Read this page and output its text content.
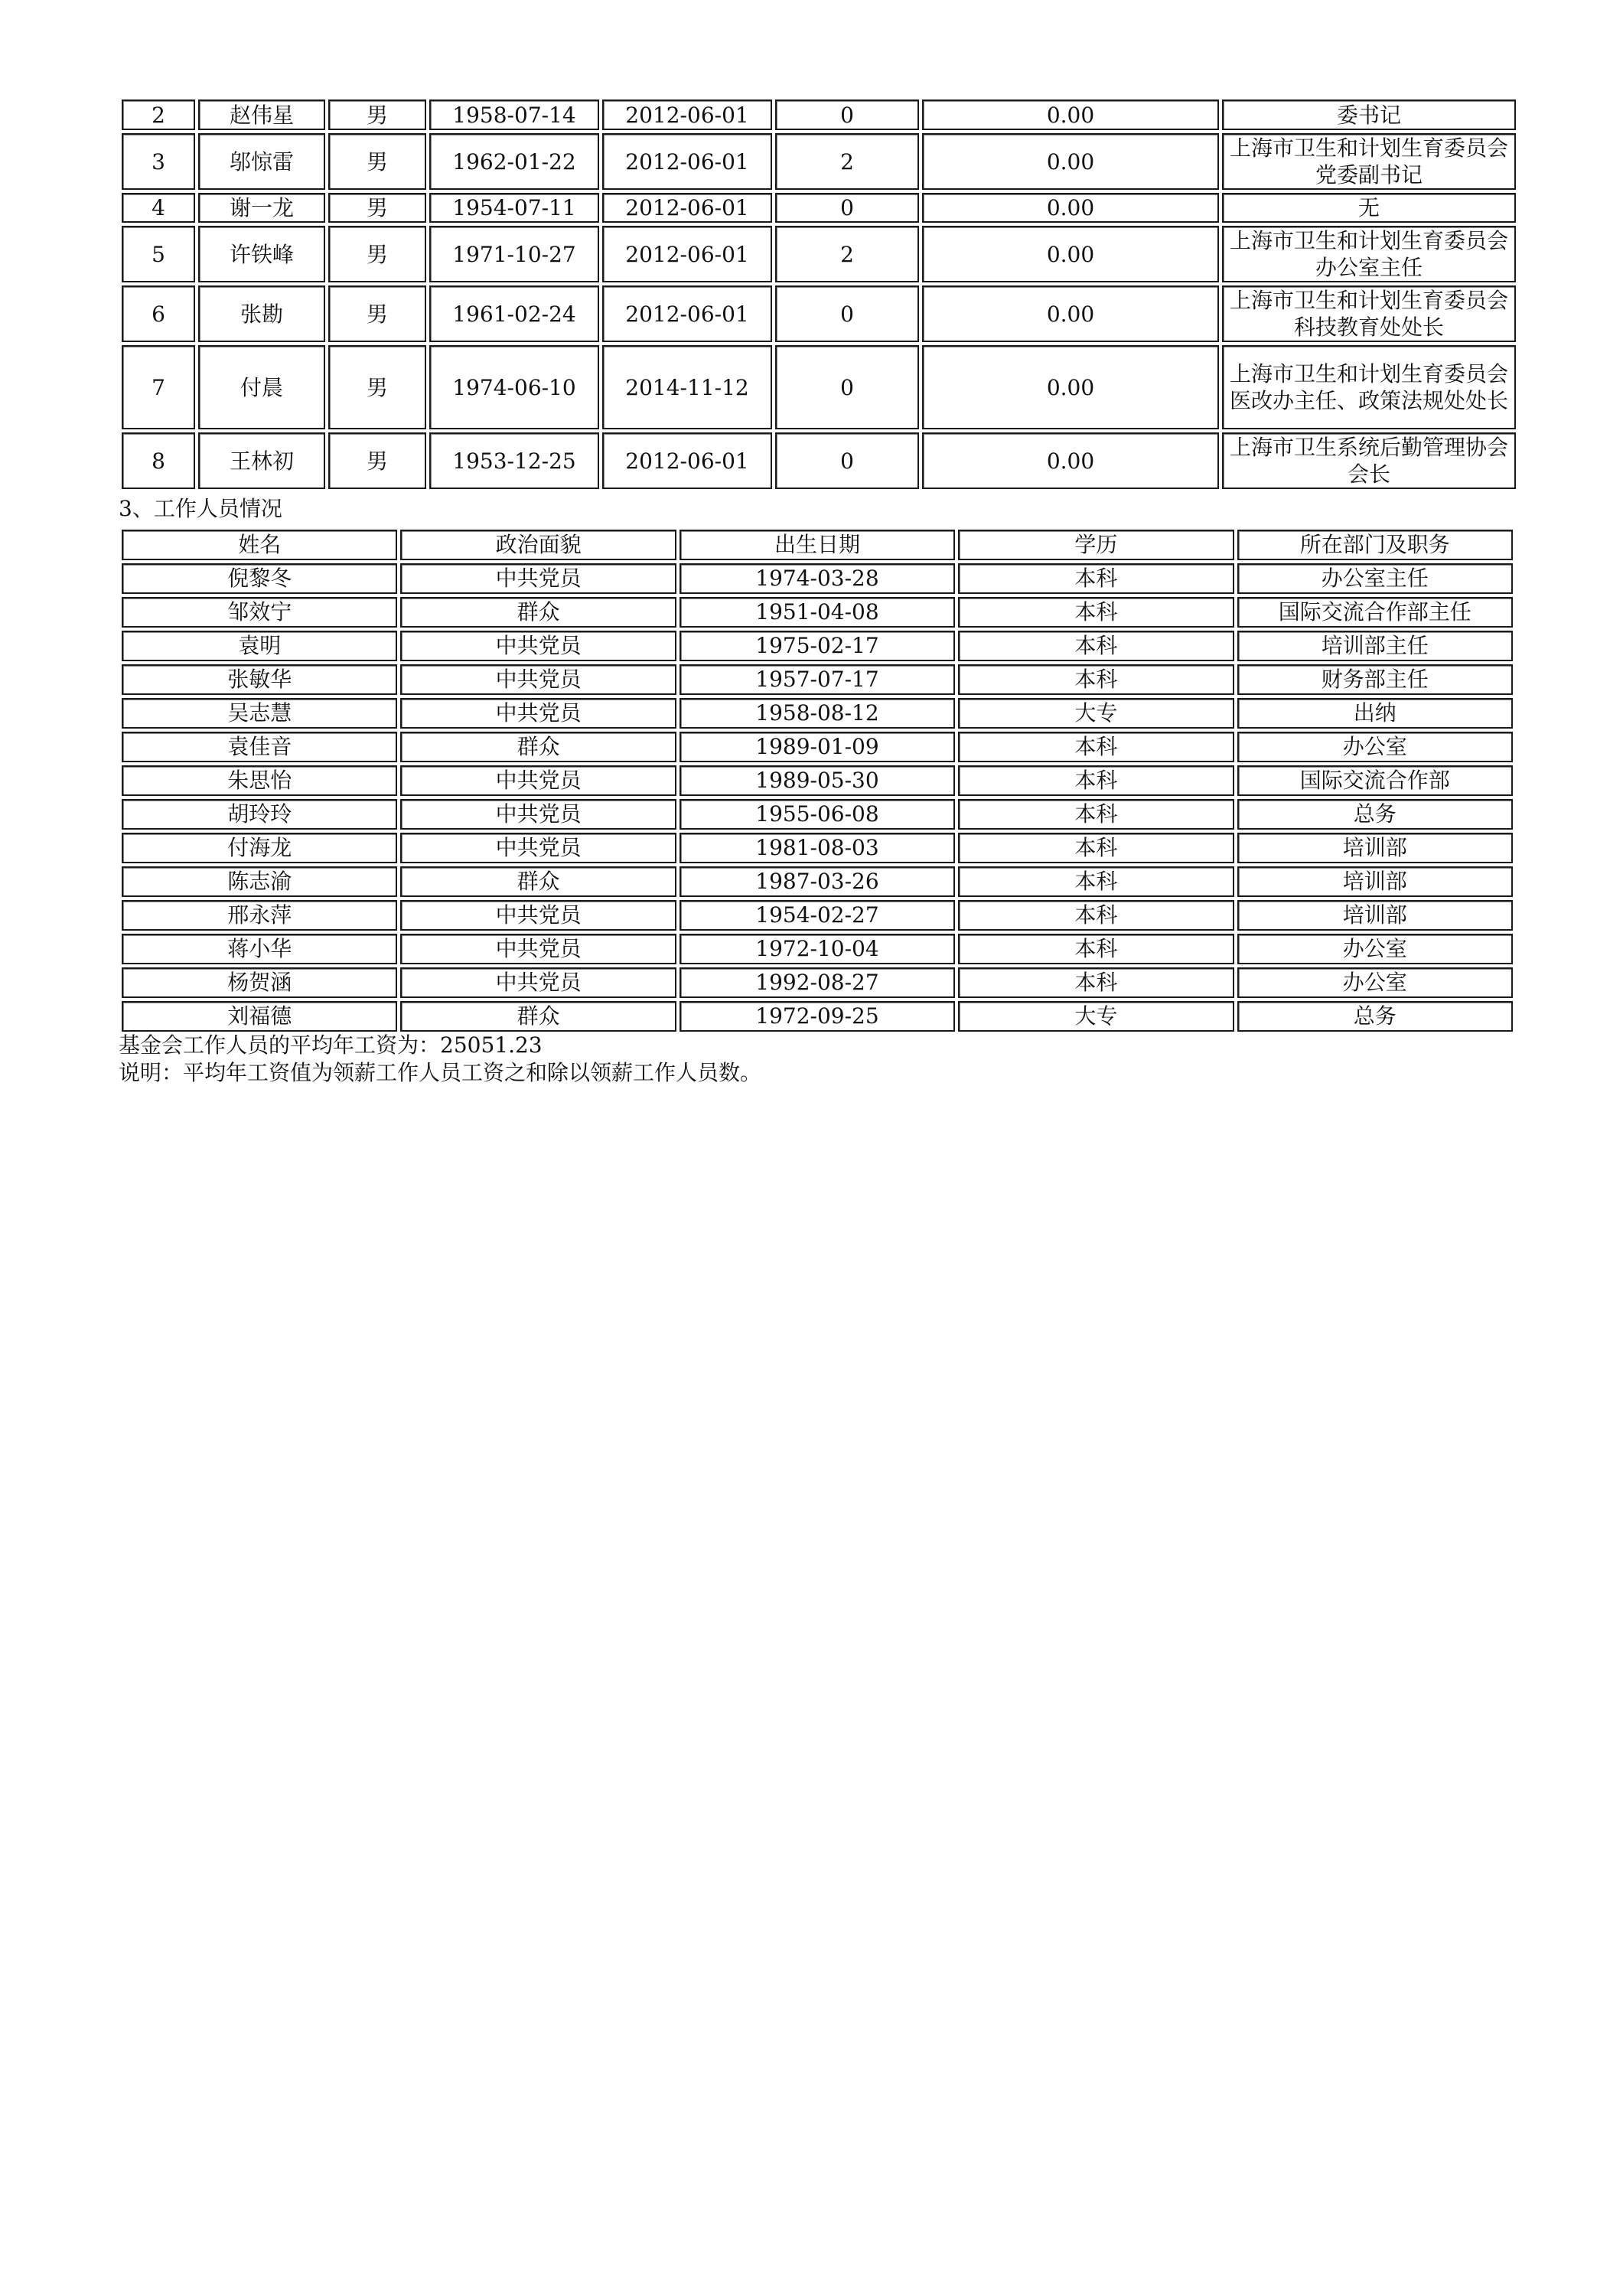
2	赵伟星	男	1958-07-14	2012-06-01	0	0.00	委书记
3	邬惊雷	男	1962-01-22	2012-06-01	2	0.00	上海市卫生和计划生育委员会党委副书记
4	谢一龙	男	1954-07-11	2012-06-01	0	0.00	无
5	许铁峰	男	1971-10-27	2012-06-01	2	0.00	上海市卫生和计划生育委员会办公室主任
6	张勘	男	1961-02-24	2012-06-01	0	0.00	上海市卫生和计划生育委员会科技教育处处长
7	付晨	男	1974-06-10	2014-11-12	0	0.00	上海市卫生和计划生育委员会医改办主任、政策法规处处长
8	王林初	男	1953-12-25	2012-06-01	0	0.00	上海市卫生系统后勤管理协会会长
3、工作人员情况
姓名	政治面貌	出生日期	学历	所在部门及职务
倪黎冬	中共党员	1974-03-28	本科	办公室主任
邹效宁	群众	1951-04-08	本科	国际交流合作部主任
袁明	中共党员	1975-02-17	本科	培训部主任
张敏华	中共党员	1957-07-17	本科	财务部主任
吴志慧	中共党员	1958-08-12	大专	出纳
袁佳音	群众	1989-01-09	本科	办公室
朱思怡	中共党员	1989-05-30	本科	国际交流合作部
胡玲玲	中共党员	1955-06-08	本科	总务
付海龙	中共党员	1981-08-03	本科	培训部
陈志渝	群众	1987-03-26	本科	培训部
邢永萍	中共党员	1954-02-27	本科	培训部
蒋小华	中共党员	1972-10-04	本科	办公室
杨贺涵	中共党员	1992-08-27	本科	办公室
刘福德	群众	1972-09-25	大专	总务
基金会工作人员的平均年工资为：25051.23
说明：平均年工资值为领薪工作人员工资之和除以领薪工作人员数。
